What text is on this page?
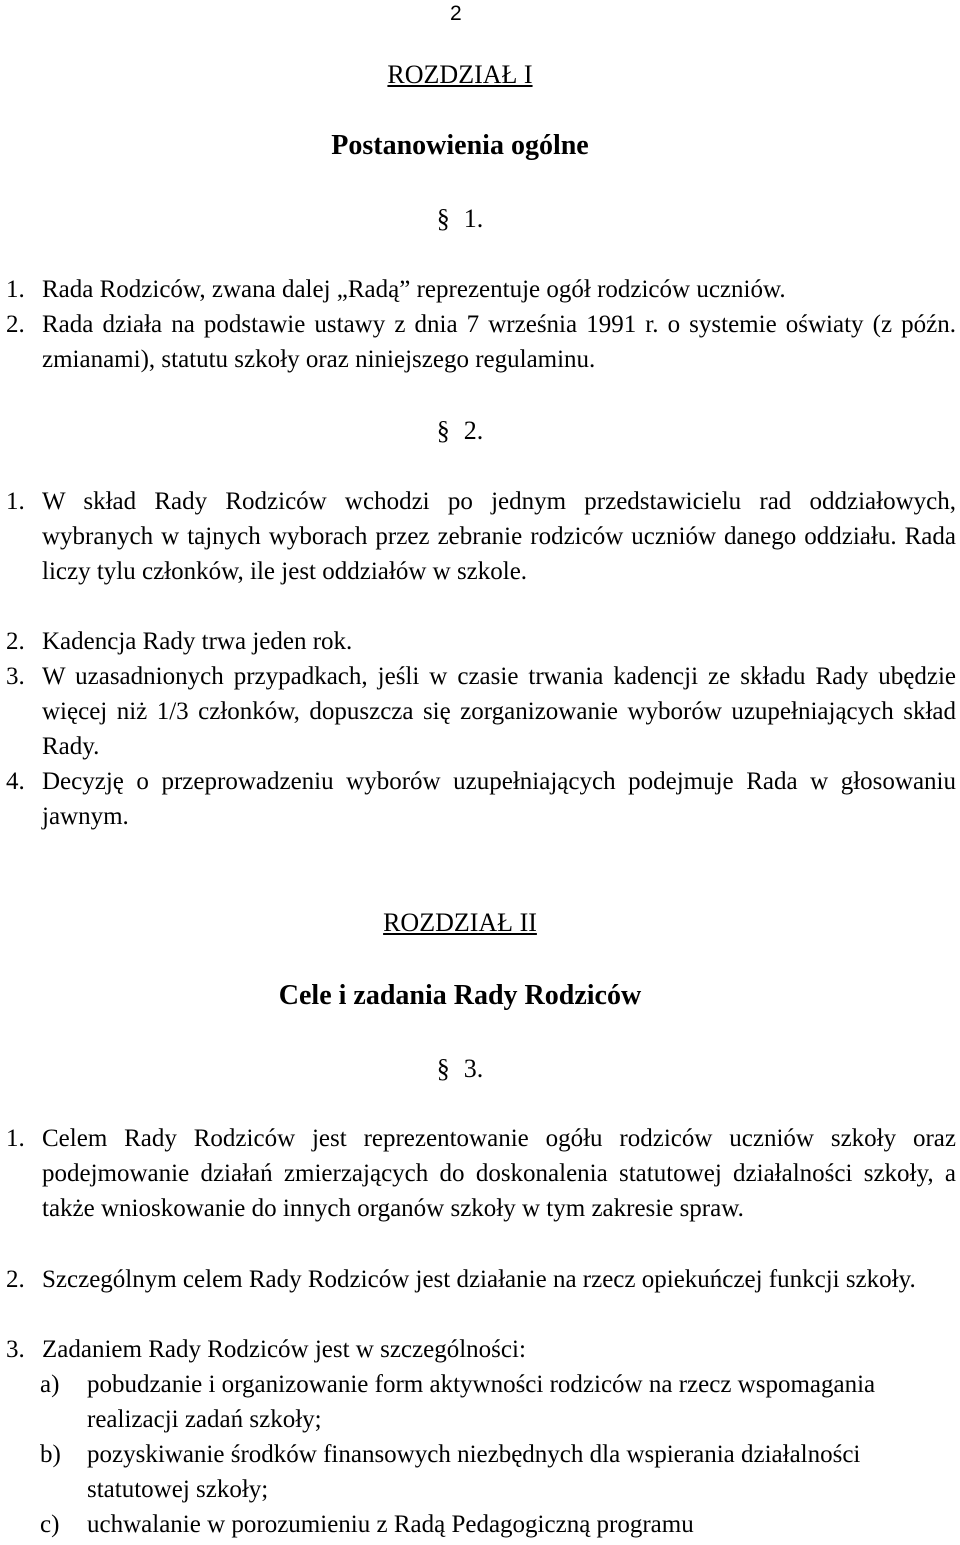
2
ROZDZIAŁ I
Postanowienia ogólne
§ 1.
1. Rada Rodziców, zwana dalej „Radą” reprezentuje ogół rodziców uczniów.
2. Rada działa na podstawie ustawy z dnia 7 września 1991 r. o systemie oświaty (z późn. zmianami), statutu szkoły oraz niniejszego regulaminu.
§ 2.
1. W skład Rady Rodziców wchodzi po jednym przedstawicielu rad oddziałowych, wybranych w tajnych wyborach przez zebranie rodziców uczniów danego oddziału. Rada liczy tylu członków, ile jest oddziałów w szkole.
2. Kadencja Rady trwa jeden rok.
3. W uzasadnionych przypadkach, jeśli w czasie trwania kadencji ze składu Rady ubędzie więcej niż 1/3 członków, dopuszcza się zorganizowanie wyborów uzupełniających skład Rady.
4. Decyzję o przeprowadzeniu wyborów uzupełniających podejmuje Rada w głosowaniu jawnym.
ROZDZIAŁ II
Cele i zadania Rady Rodziców
§ 3.
1. Celem Rady Rodziców jest reprezentowanie ogółu rodziców uczniów szkoły oraz podejmowanie działań zmierzających do doskonalenia statutowej działalności szkoły, a także wnioskowanie do innych organów szkoły w tym zakresie spraw.
2. Szczególnym celem Rady Rodziców jest działanie na rzecz opiekuńczej funkcji szkoły.
3. Zadaniem Rady Rodziców jest w szczególności:
a) pobudzanie i organizowanie form aktywności rodziców na rzecz wspomagania realizacji zadań szkoły;
b) pozyskiwanie środków finansowych niezbędnych dla wspierania działalności statutowej szkoły;
c) uchwalanie w porozumieniu z Radą Pedagogiczną programu
